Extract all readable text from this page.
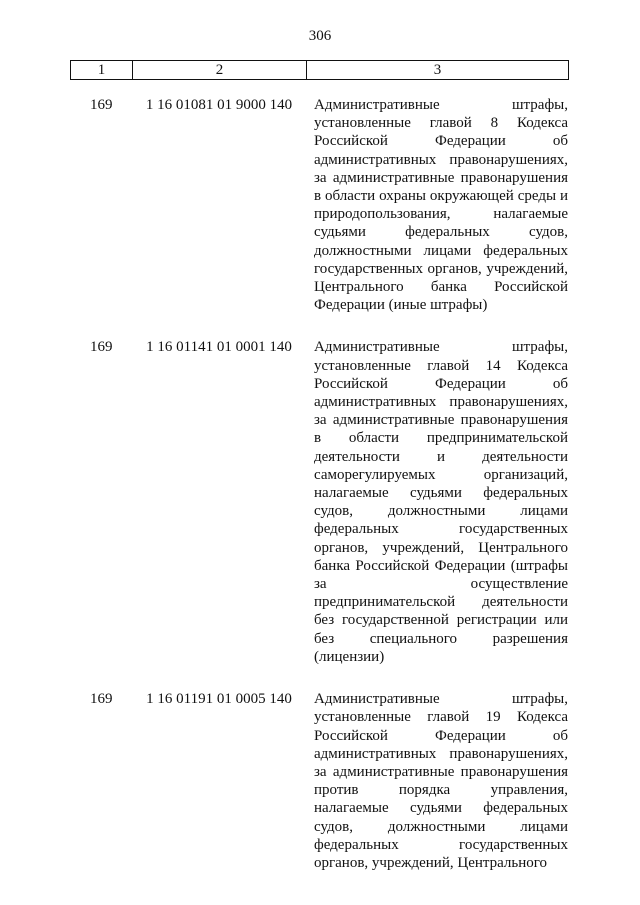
306
1	2	3
169	1 16 01081 01 9000 140	Административные штрафы, установленные главой 8 Кодекса Российской Федерации об административных правонарушениях, за административные правонарушения в области охраны окружающей среды и природопользования, налагаемые судьями федеральных судов, должностными лицами федеральных государственных органов, учреждений, Центрального банка Российской Федерации (иные штрафы)
169	1 16 01141 01 0001 140	Административные штрафы, установленные главой 14 Кодекса Российской Федерации об административных правонарушениях, за административные правонарушения в области предпринимательской деятельности и деятельности саморегулируемых организаций, налагаемые судьями федеральных судов, должностными лицами федеральных государственных органов, учреждений, Центрального банка Российской Федерации (штрафы за осуществление предпринимательской деятельности без государственной регистрации или без специального разрешения (лицензии)
169	1 16 01191 01 0005 140	Административные штрафы, установленные главой 19 Кодекса Российской Федерации об административных правонарушениях, за административные правонарушения против порядка управления, налагаемые судьями федеральных судов, должностными лицами федеральных государственных органов, учреждений, Центрального
